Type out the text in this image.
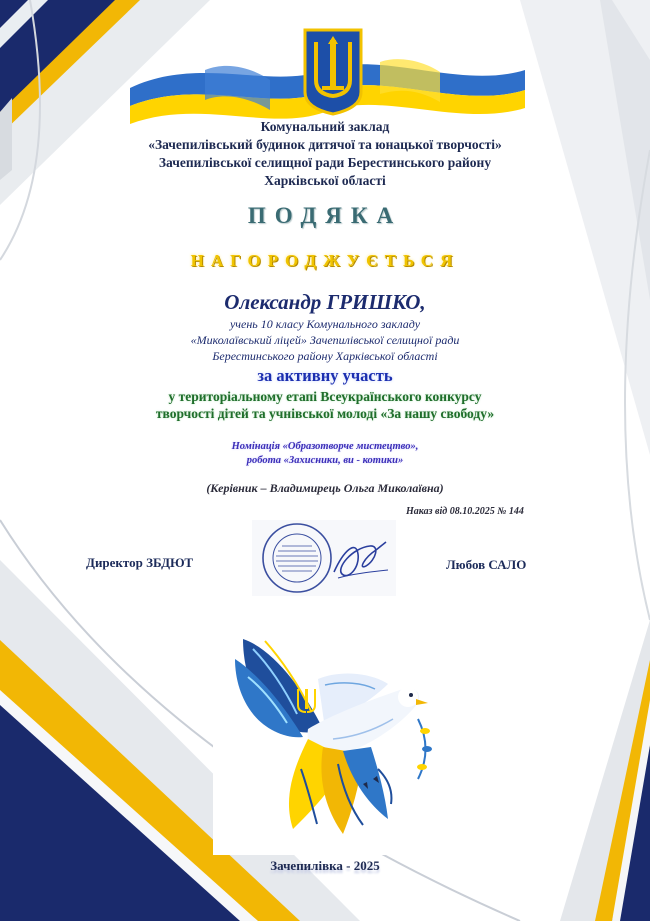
Комунальний заклад

«Зачепилівський будинок дитячої та юнацької творчості»

Зачепилівської селищної ради Берестинського району

Харківської області

ПОДЯКА

НАГОРОДЖУЄТЬСЯ

Олександр ГРИШКО,

учень 10 класу Комунального закладу

«Миколаївський ліцей» Зачепилівської селищної ради

Берестинського району Харківської області

за активну участь

у територіальному етапі Всеукраїнського конкурсу

творчості дітей та учнівської молоді «За нашу свободу»

Номінація «Образотворче мистецтво»,

робота «Захисники, ви - котики»

(Керівник – Владимирець Ольга Миколаївна)

Наказ від 08.10.2025 № 144
Директор ЗБДЮТ	Любов САЛО

Зачепилівка - 2025
